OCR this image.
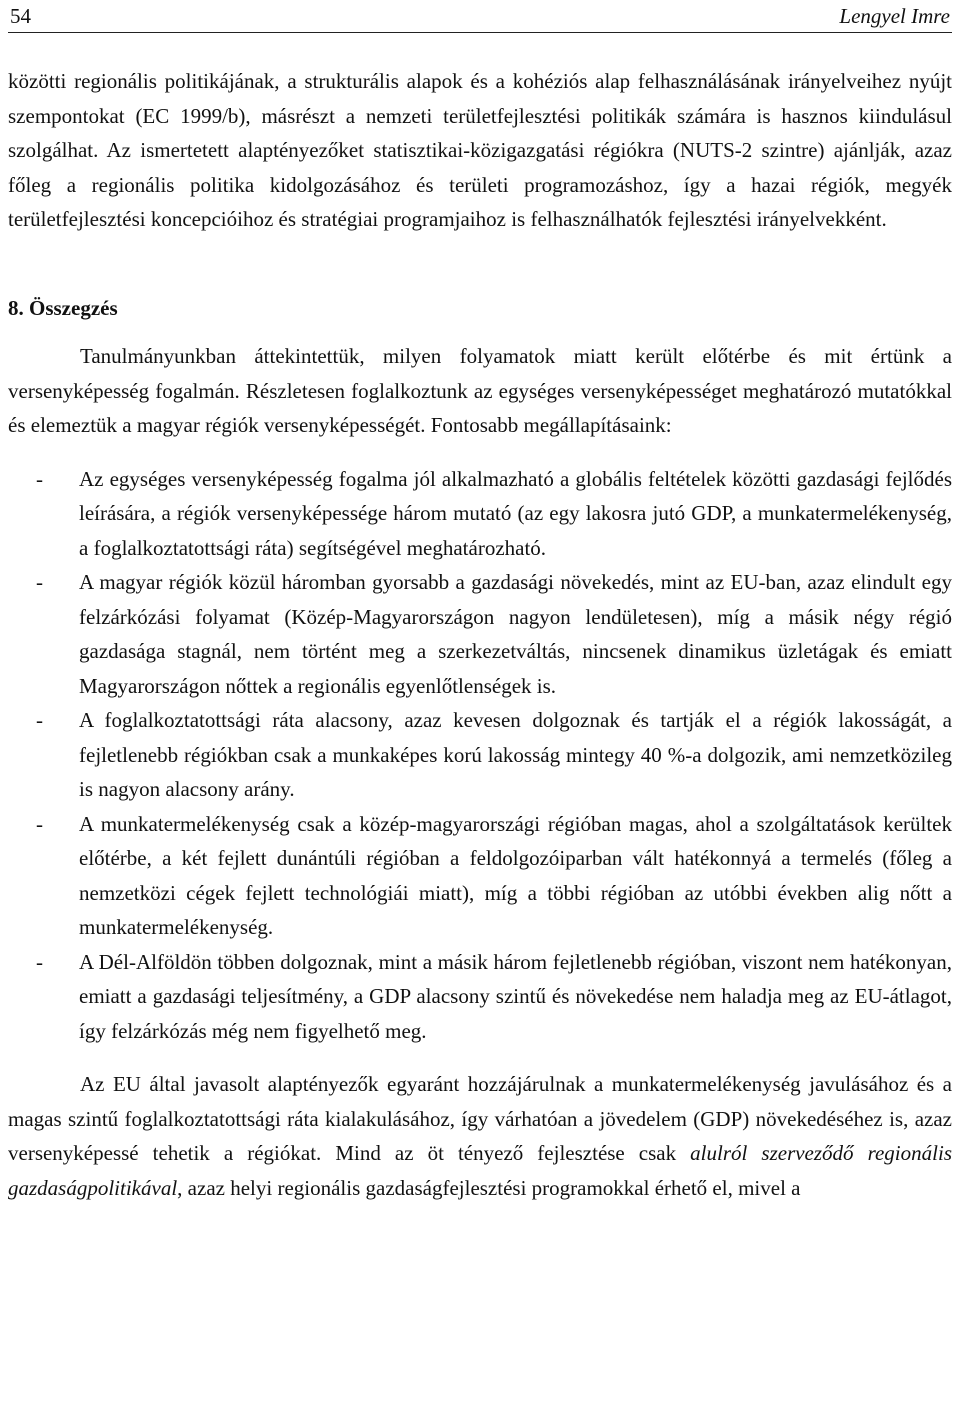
54	Lengyel Imre

közötti regionális politikájának, a strukturális alapok és a kohéziós alap felhasználásának irányelveihez nyújt szempontokat (EC 1999/b), másrészt a nemzeti területfejlesztési politikák számára is hasznos kiindulásul szolgálhat. Az ismertetett alaptényezőket statisztikai-közigazgatási régiókra (NUTS-2 szintre) ajánlják, azaz főleg a regionális politika kidolgozásához és területi programozáshoz, így a hazai régiók, megyék területfejlesztési koncepcióihoz és stratégiai programjaihoz is felhasználhatók fejlesztési irányelvekként.

8. Összegzés

Tanulmányunkban áttekintettük, milyen folyamatok miatt került előtérbe és mit értünk a versenyképesség fogalmán. Részletesen foglalkoztunk az egységes versenyképességet meghatározó mutatókkal és elemeztük a magyar régiók versenyképességét. Fontosabb megállapításaink:

- Az egységes versenyképesség fogalma jól alkalmazható a globális feltételek közötti gazdasági fejlődés leírására, a régiók versenyképessége három mutató (az egy lakosra jutó GDP, a munkatermelékenység, a foglalkoztatottsági ráta) segítségével meghatározható.
- A magyar régiók közül háromban gyorsabb a gazdasági növekedés, mint az EU-ban, azaz elindult egy felzárkózási folyamat (Közép-Magyarországon nagyon lendületesen), míg a másik négy régió gazdasága stagnál, nem történt meg a szerkezetváltás, nincsenek dinamikus üzletágak és emiatt Magyarországon nőttek a regionális egyenlőtlenségek is.
- A foglalkoztatottsági ráta alacsony, azaz kevesen dolgoznak és tartják el a régiók lakosságát, a fejletlenebb régiókban csak a munkaképes korú lakosság mintegy 40 %-a dolgozik, ami nemzetközileg is nagyon alacsony arány.
- A munkatermelékenység csak a közép-magyarországi régióban magas, ahol a szolgáltatások kerültek előtérbe, a két fejlett dunántúli régióban a feldolgozóiparban vált hatékonnyá a termelés (főleg a nemzetközi cégek fejlett technológiái miatt), míg a többi régióban az utóbbi években alig nőtt a munkatermelékenység.
- A Dél-Alföldön többen dolgoznak, mint a másik három fejletlenebb régióban, viszont nem hatékonyan, emiatt a gazdasági teljesítmény, a GDP alacsony szintű és növekedése nem haladja meg az EU-átlagot, így felzárkózás még nem figyelhető meg.

Az EU által javasolt alaptényezők egyaránt hozzájárulnak a munkatermelékenység javulásához és a magas szintű foglalkoztatottsági ráta kialakulásához, így várhatóan a jövedelem (GDP) növekedéséhez is, azaz versenyképessé tehetik a régiókat. Mind az öt tényező fejlesztése csak alulról szerveződő regionális gazdaságpolitikával, azaz helyi regionális gazdaságfejlesztési programokkal érhető el, mivel a
